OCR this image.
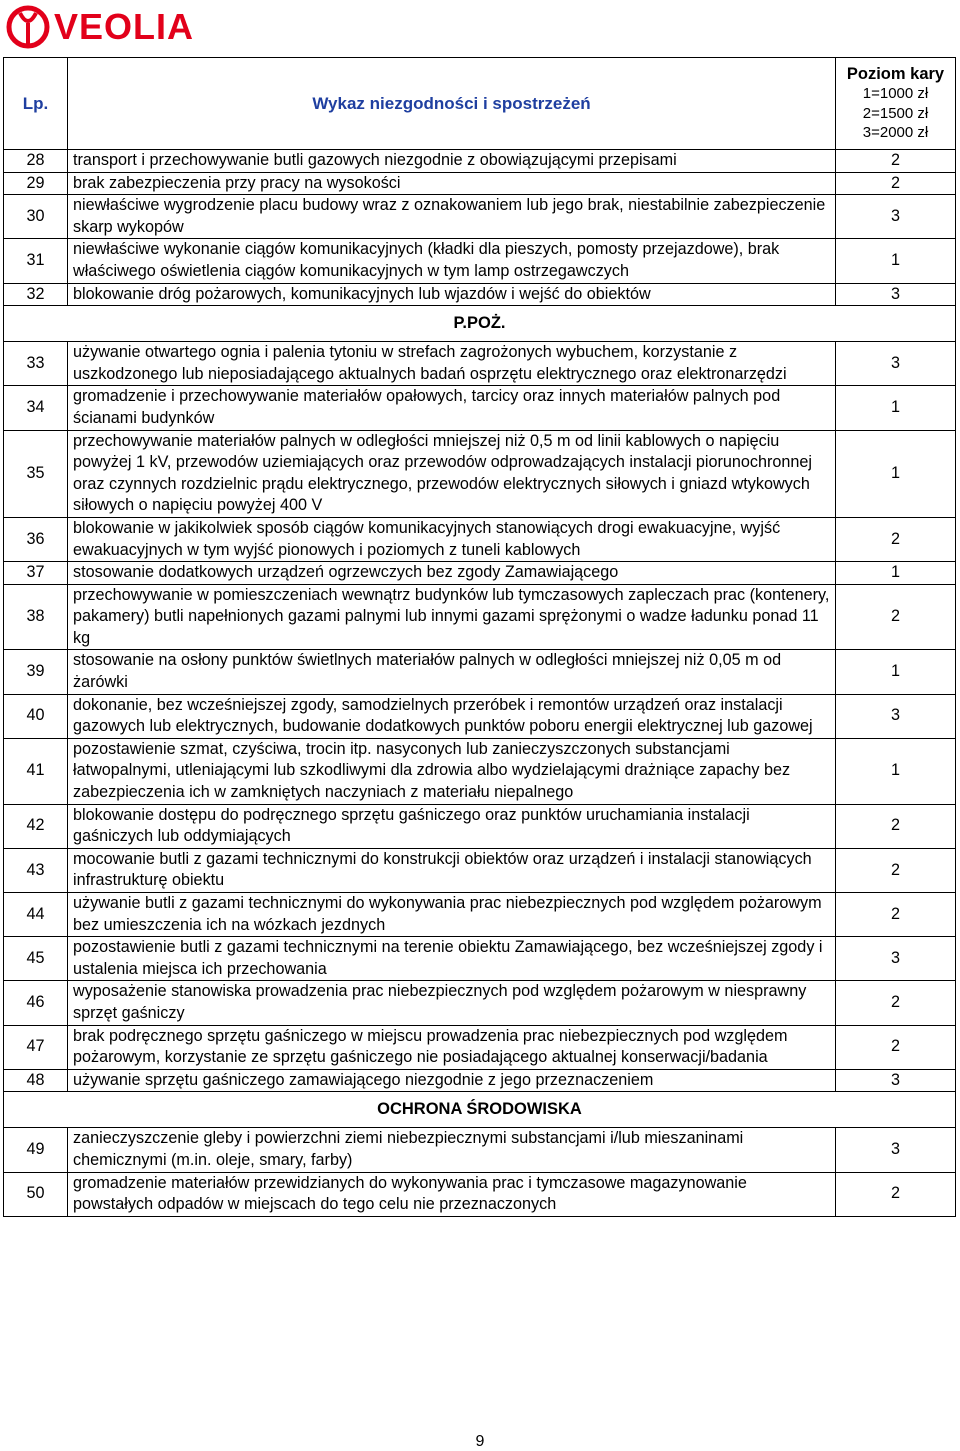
VEOLIA
Lp.	Wykaz niezgodności i spostrzeżeń	Poziom kary
1=1000 zł
2=1500 zł
3=2000 zł

28	transport i przechowywanie butli gazowych niezgodnie z obowiązującymi przepisami	2
29	brak zabezpieczenia przy pracy na wysokości	2
30	niewłaściwe wygrodzenie placu budowy wraz z oznakowaniem lub jego brak, niestabilnie zabezpieczenie skarp wykopów	3
31	niewłaściwe wykonanie ciągów komunikacyjnych (kładki dla pieszych, pomosty przejazdowe), brak właściwego oświetlenia ciągów komunikacyjnych w tym lamp ostrzegawczych	1
32	blokowanie dróg pożarowych, komunikacyjnych lub wjazdów i wejść do obiektów	3
P.POŻ.		
33	używanie otwartego ognia i palenia tytoniu w strefach zagrożonych wybuchem, korzystanie z uszkodzonego lub nieposiadającego aktualnych badań osprzętu elektrycznego oraz elektronarzędzi	3
34	gromadzenie i przechowywanie materiałów opałowych, tarcicy oraz innych materiałów palnych pod ścianami budynków	1
35	przechowywanie materiałów palnych w odległości mniejszej niż 0,5 m od linii kablowych o napięciu powyżej 1 kV, przewodów uziemiających oraz przewodów odprowadzających instalacji piorunochronnej oraz czynnych rozdzielnic prądu elektrycznego, przewodów elektrycznych siłowych i gniazd wtykowych siłowych o napięciu powyżej 400 V	1
36	blokowanie w jakikolwiek sposób ciągów komunikacyjnych stanowiących drogi ewakuacyjne, wyjść ewakuacyjnych w tym wyjść pionowych i poziomych z tuneli kablowych	2
37	stosowanie dodatkowych urządzeń ogrzewczych bez zgody Zamawiającego	1
38	przechowywanie w pomieszczeniach wewnątrz budynków lub tymczasowych zapleczach prac (kontenery, pakamery) butli napełnionych gazami palnymi lub innymi gazami sprężonymi o wadze ładunku ponad 11 kg	2
39	stosowanie na osłony punktów świetlnych materiałów palnych w odległości mniejszej niż 0,05 m od żarówki	1
40	dokonanie, bez wcześniejszej zgody, samodzielnych przeróbek i remontów urządzeń oraz instalacji gazowych lub elektrycznych, budowanie dodatkowych punktów poboru energii elektrycznej lub gazowej	3
41	pozostawienie szmat, czyściwa, trocin itp. nasyconych lub zanieczyszczonych substancjami łatwopalnymi, utleniającymi lub szkodliwymi dla zdrowia albo wydzielającymi drażniące zapachy bez zabezpieczenia ich w zamkniętych naczyniach z materiału niepalnego	1
42	blokowanie dostępu do podręcznego sprzętu gaśniczego oraz punktów uruchamiania instalacji gaśniczych lub oddymiających	2
43	mocowanie butli z gazami technicznymi do konstrukcji obiektów oraz urządzeń i instalacji stanowiących infrastrukturę obiektu	2
44	używanie butli z gazami technicznymi do wykonywania prac niebezpiecznych pod względem pożarowym bez umieszczenia ich na wózkach jezdnych	2
45	pozostawienie butli z gazami technicznymi na terenie obiektu Zamawiającego, bez wcześniejszej zgody i ustalenia miejsca ich przechowania	3
46	wyposażenie stanowiska prowadzenia prac niebezpiecznych pod względem pożarowym w niesprawny sprzęt gaśniczy	2
47	brak podręcznego sprzętu gaśniczego w miejscu prowadzenia prac niebezpiecznych pod względem pożarowym, korzystanie ze sprzętu gaśniczego nie posiadającego aktualnej konserwacji/badania	2
48	używanie sprzętu gaśniczego zamawiającego niezgodnie z jego przeznaczeniem	3
OCHRONA ŚRODOWISKA		
49	zanieczyszczenie gleby i powierzchni ziemi niebezpiecznymi substancjami i/lub mieszaninami chemicznymi (m.in. oleje, smary, farby)	3
50	gromadzenie materiałów przewidzianych do wykonywania prac i tymczasowe magazynowanie powstałych odpadów w miejscach do tego celu nie przeznaczonych	2
9
